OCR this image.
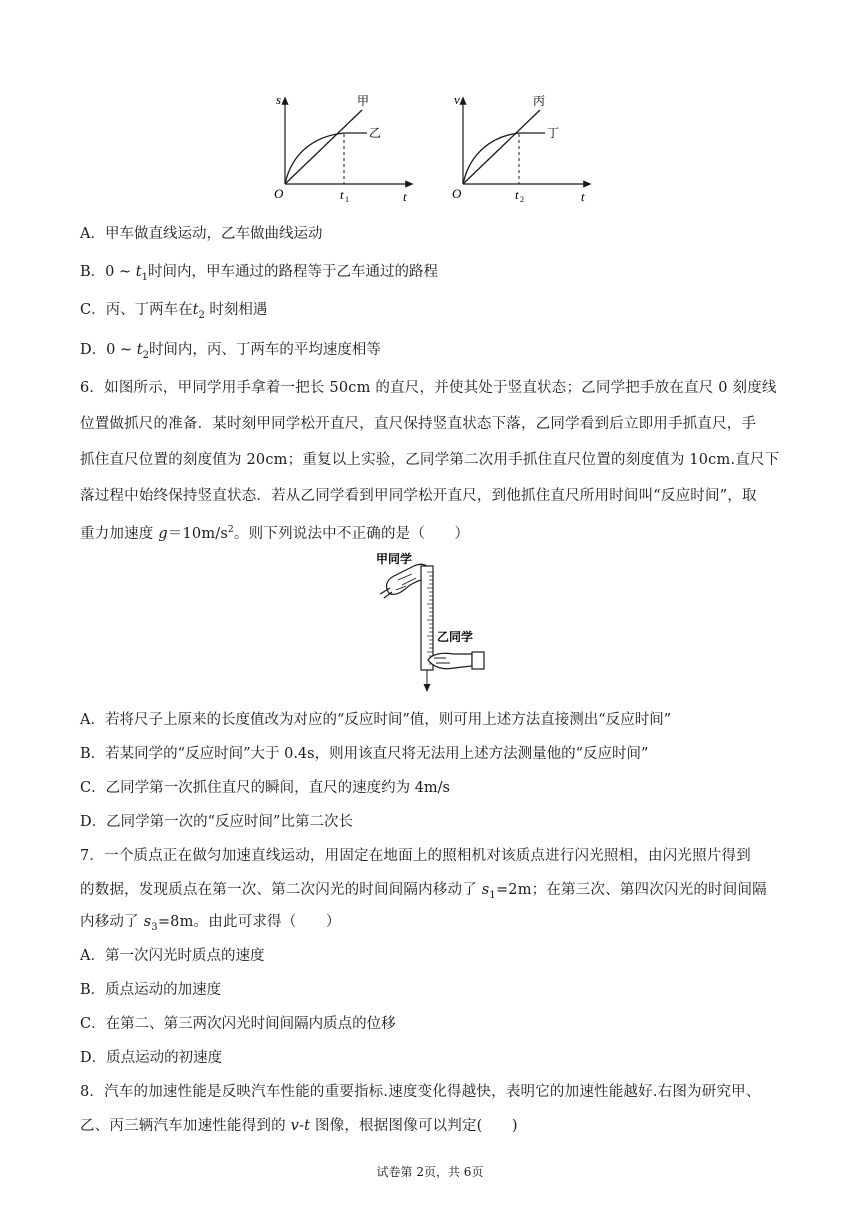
s
t
O
甲
乙
t 1
v
t
O
丙
丁
t 2
A．甲车做直线运动，乙车做曲线运动
B．0 ~ $t_1$时间内，甲车通过的路程等于乙车通过的路程
C．丙、丁两车在$t_2$ 时刻相遇
D．0 ~ $t_2$时间内，丙、丁两车的平均速度相等
6．如图所示，甲同学用手拿着一把长 50cm 的直尺，并使其处于竖直状态；乙同学把手放在直尺 0 刻度线
位置做抓尺的准备．某时刻甲同学松开直尺，直尺保持竖直状态下落，乙同学看到后立即用手抓直尺，手
抓住直尺位置的刻度值为 20cm；重复以上实验，乙同学第二次用手抓住直尺位置的刻度值为 10cm.直尺下
落过程中始终保持竖直状态．若从乙同学看到甲同学松开直尺，到他抓住直尺所用时间叫“反应时间”，取
重力加速度 $g=10m/s^2$。则下列说法中不正确的是（　　）
甲同学
乙同学
A．若将尺子上原来的长度值改为对应的“反应时间”值，则可用上述方法直接测出“反应时间”
B．若某同学的“反应时间”大于 0.4s，则用该直尺将无法用上述方法测量他的“反应时间”
C．乙同学第一次抓住直尺的瞬间，直尺的速度约为 4m/s
D．乙同学第一次的“反应时间”比第二次长
7．一个质点正在做匀加速直线运动，用固定在地面上的照相机对该质点进行闪光照相，由闪光照片得到
的数据，发现质点在第一次、第二次闪光的时间间隔内移动了 $s_1=2m$；在第三次、第四次闪光的时间间隔
内移动了 $s_3=8m$。由此可求得（　　）
A．第一次闪光时质点的速度
B．质点运动的加速度
C．在第二、第三两次闪光时间间隔内质点的位移
D．质点运动的初速度
8．汽车的加速性能是反映汽车性能的重要指标.速度变化得越快，表明它的加速性能越好.右图为研究甲、
乙、丙三辆汽车加速性能得到的 v-t 图像，根据图像可以判定(　　)
试卷第 2页，共 6页
